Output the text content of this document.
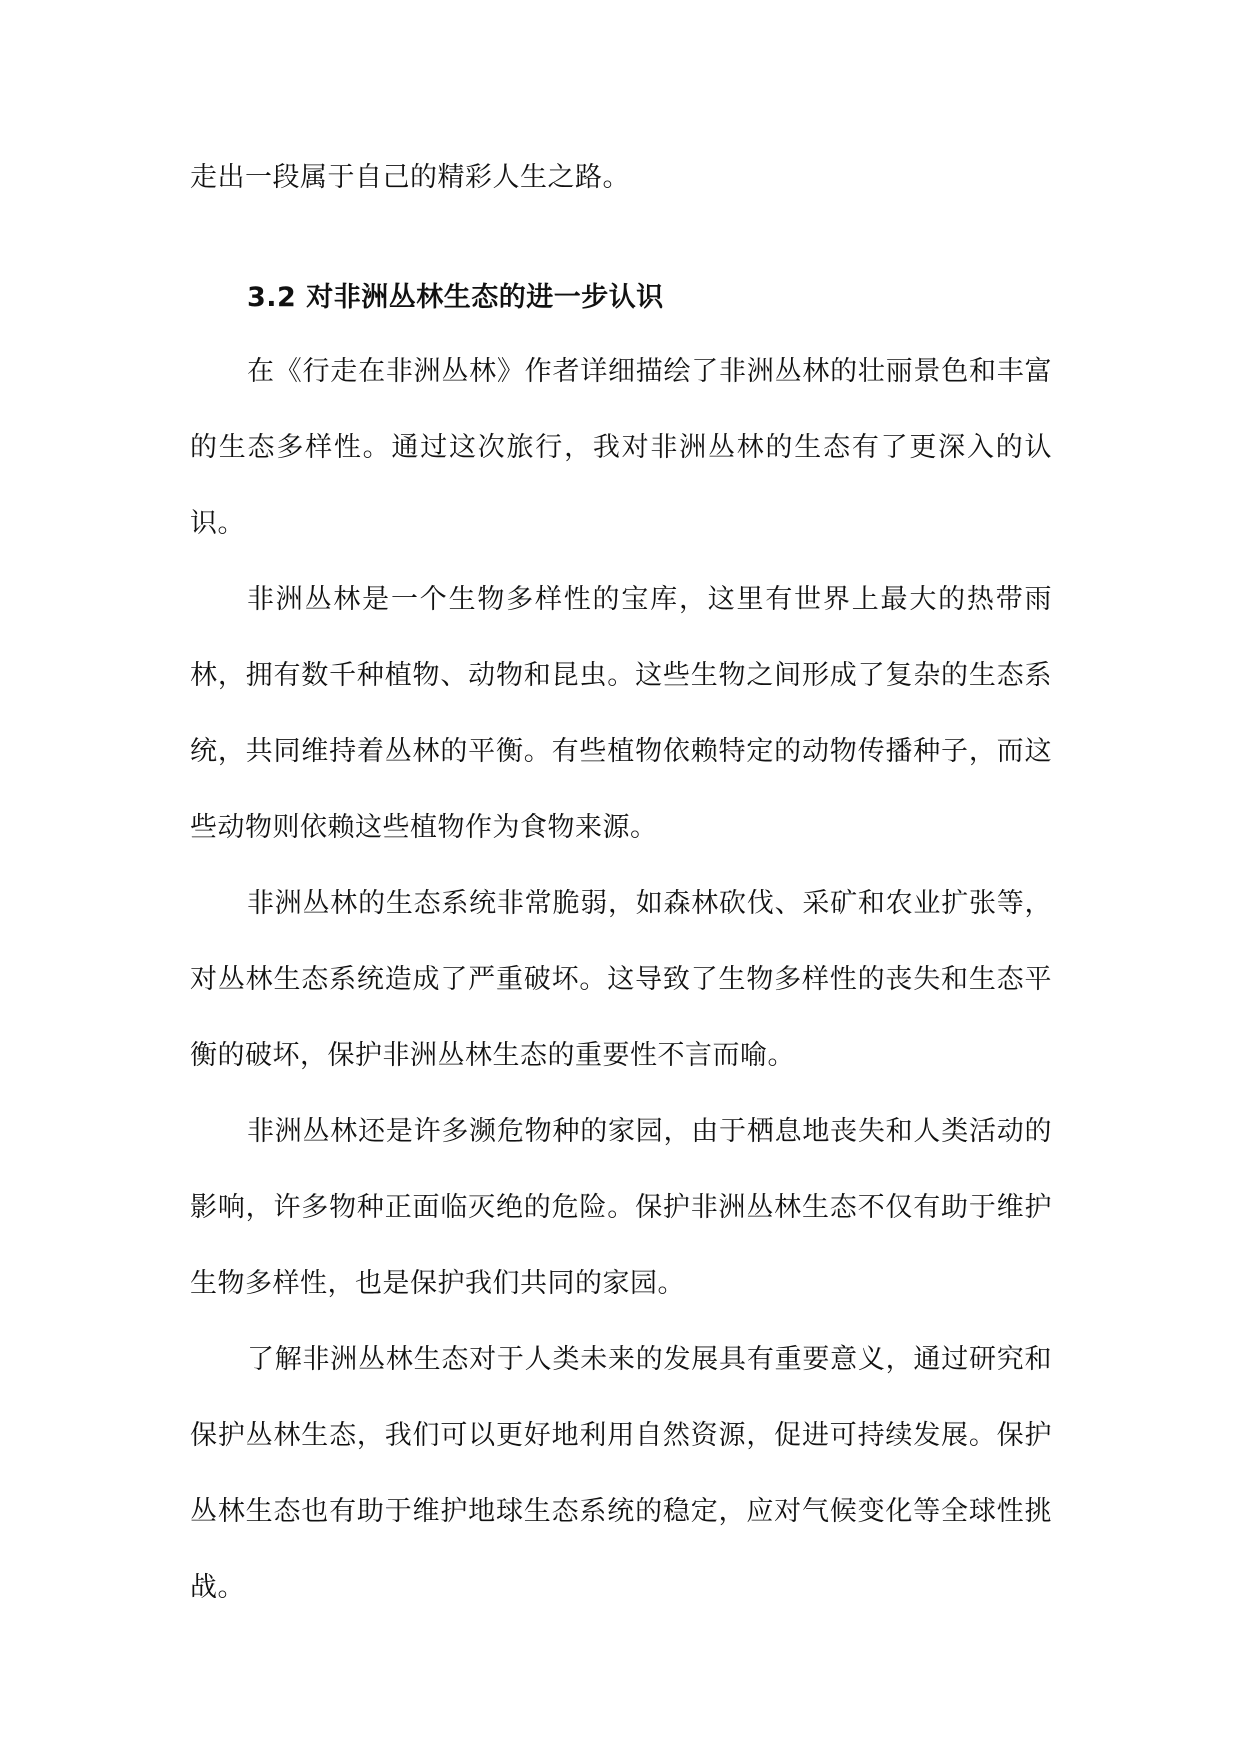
走出一段属于自己的精彩人生之路。

3.2 对非洲丛林生态的进一步认识

在《行走在非洲丛林》作者详细描绘了非洲丛林的壮丽景色和丰富的生态多样性。通过这次旅行，我对非洲丛林的生态有了更深入的认识。

非洲丛林是一个生物多样性的宝库，这里有世界上最大的热带雨林，拥有数千种植物、动物和昆虫。这些生物之间形成了复杂的生态系统，共同维持着丛林的平衡。有些植物依赖特定的动物传播种子，而这些动物则依赖这些植物作为食物来源。

非洲丛林的生态系统非常脆弱，如森林砍伐、采矿和农业扩张等，对丛林生态系统造成了严重破坏。这导致了生物多样性的丧失和生态平衡的破坏，保护非洲丛林生态的重要性不言而喻。

非洲丛林还是许多濒危物种的家园，由于栖息地丧失和人类活动的影响，许多物种正面临灭绝的危险。保护非洲丛林生态不仅有助于维护生物多样性，也是保护我们共同的家园。

了解非洲丛林生态对于人类未来的发展具有重要意义，通过研究和保护丛林生态，我们可以更好地利用自然资源，促进可持续发展。保护丛林生态也有助于维护地球生态系统的稳定，应对气候变化等全球性挑战。
